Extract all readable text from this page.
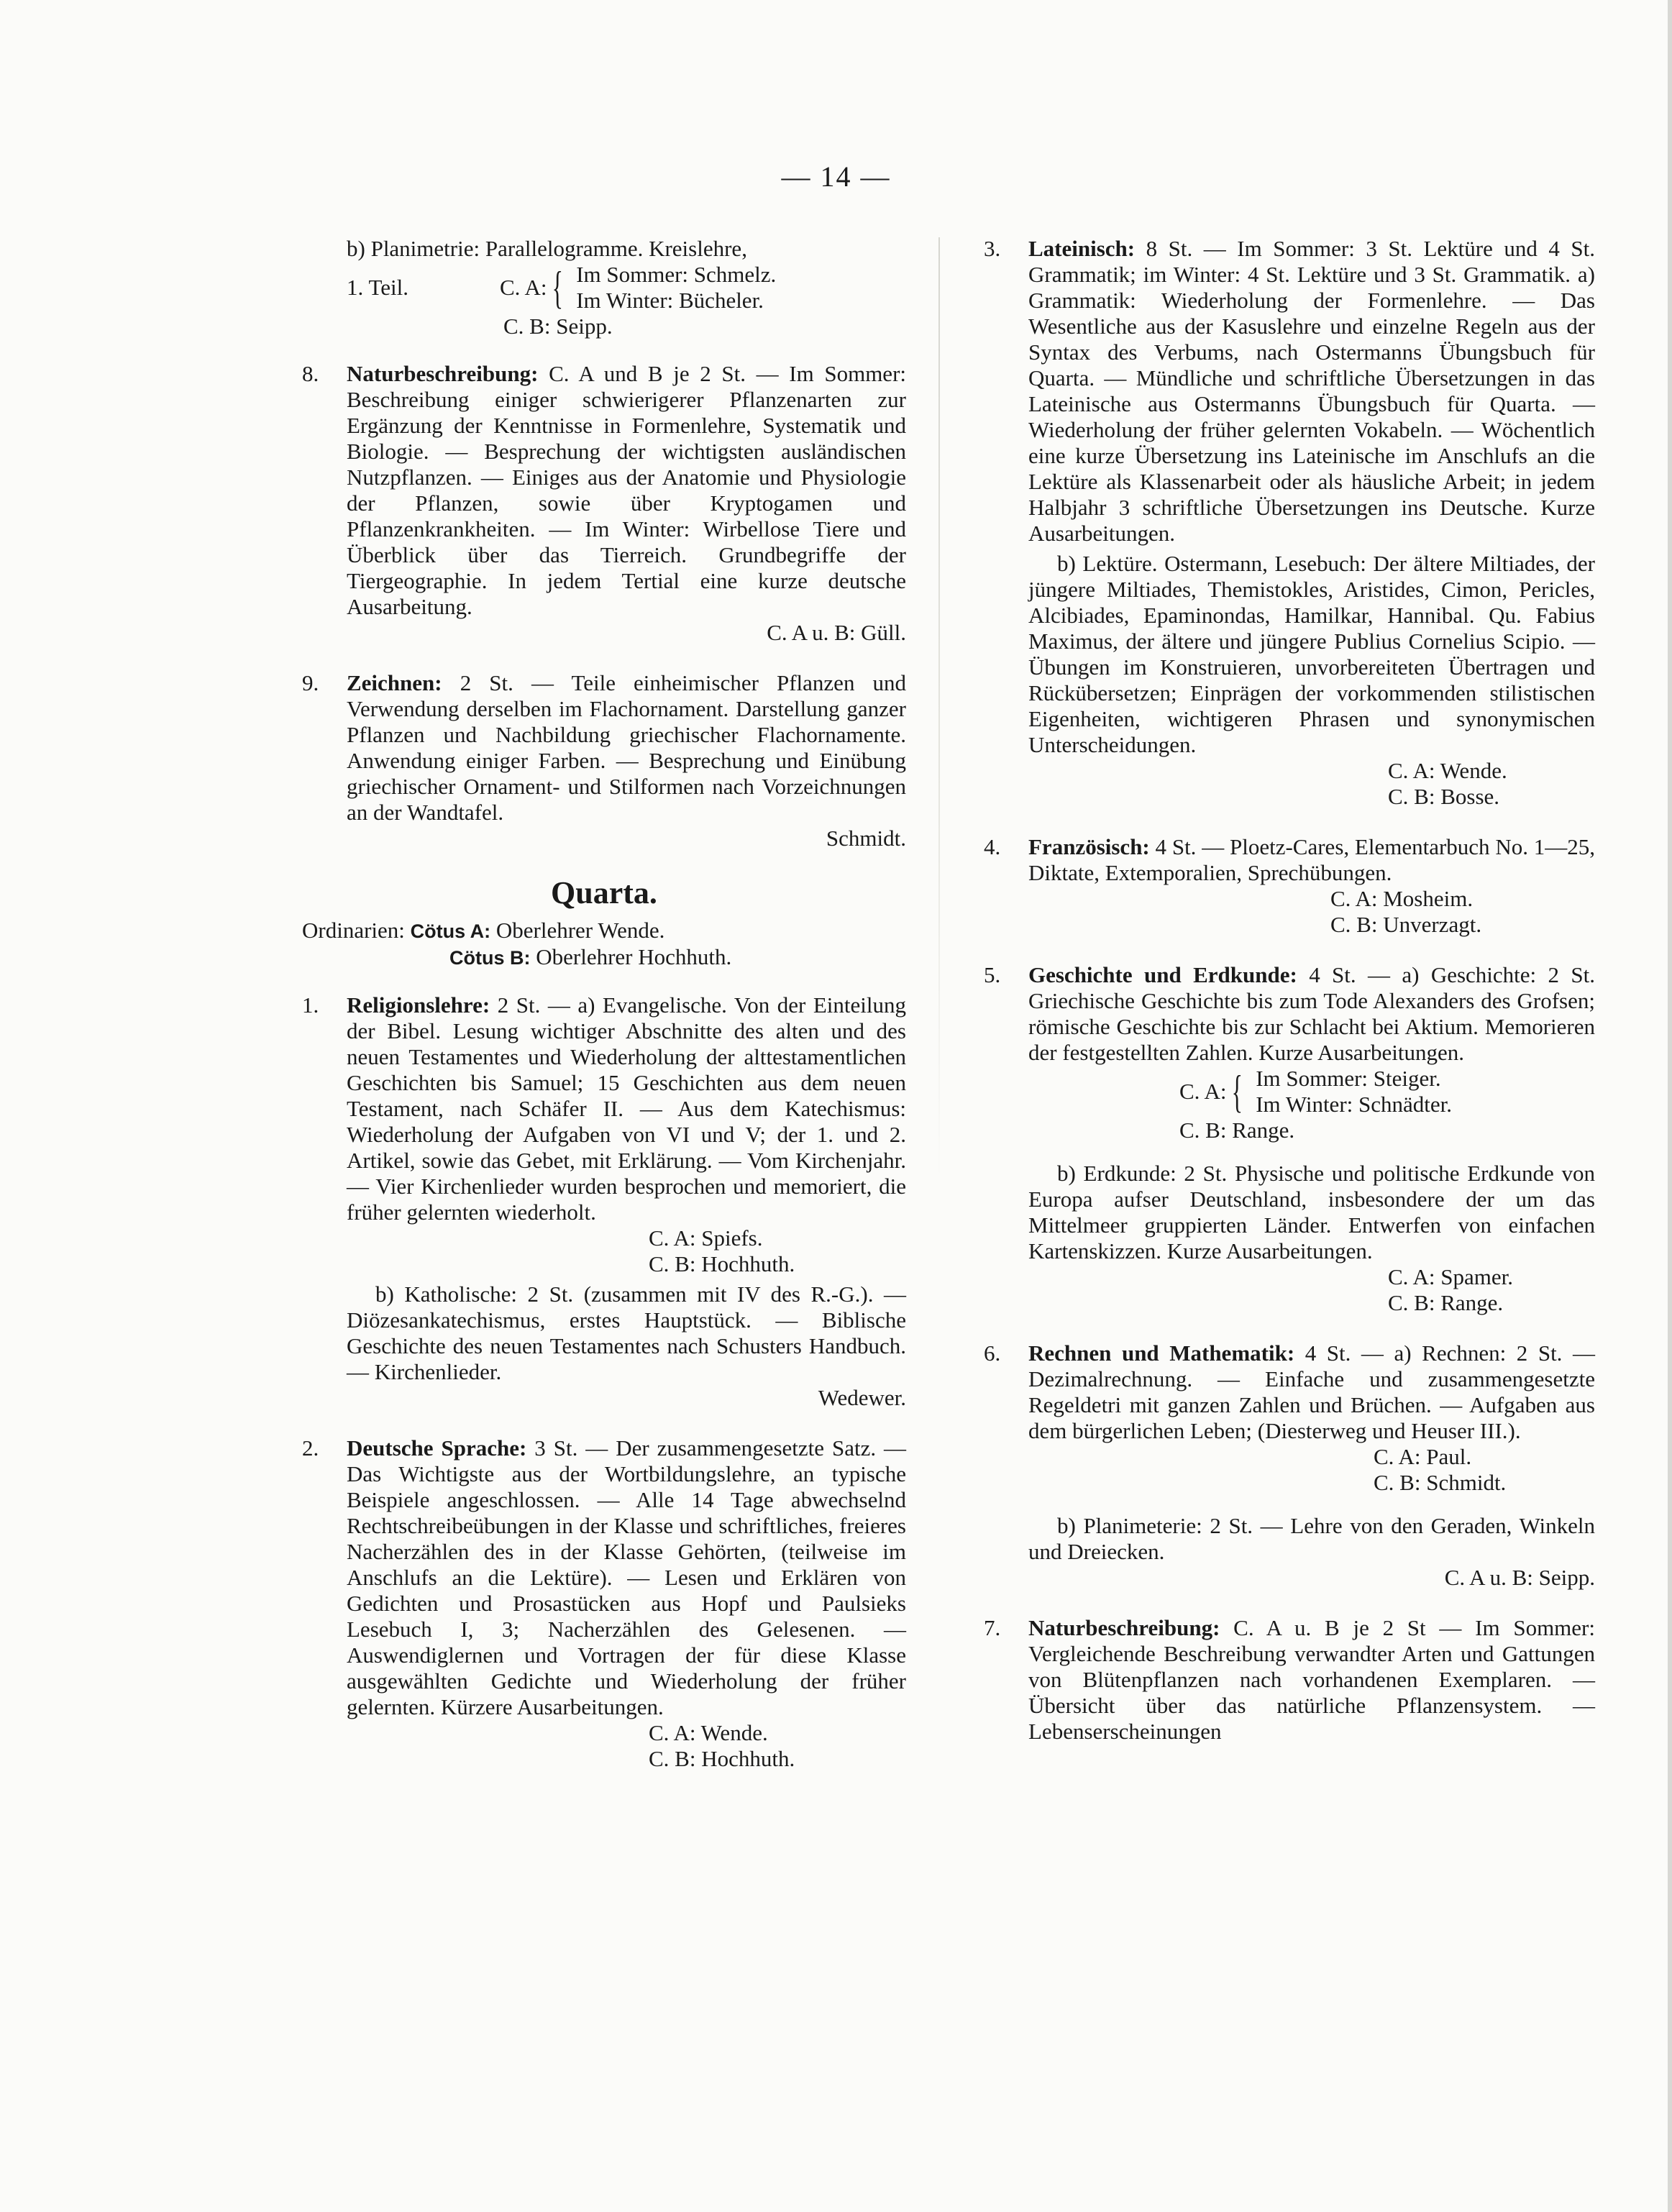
— 14 —
b) Planimetrie: Parallelogramme. Kreislehre,
1. Teil.	C. A: { Im Sommer: Schmelz.
Im Winter: Bücheler.
C. B: Seipp.
8. Naturbeschreibung: C. A und B je 2 St. — Im Sommer: Beschreibung einiger schwierigerer Pflanzenarten zur Ergänzung der Kenntnisse in Formenlehre, Systematik und Biologie. — Besprechung der wichtigsten ausländischen Nutzpflanzen. — Einiges aus der Anatomie und Physiologie der Pflanzen, sowie über Kryptogamen und Pflanzenkrankheiten. — Im Winter: Wirbellose Tiere und Überblick über das Tierreich. Grundbegriffe der Tiergeographie. In jedem Tertial eine kurze deutsche Ausarbeitung.
C. A u. B: Güll.
9. Zeichnen: 2 St. — Teile einheimischer Pflanzen und Verwendung derselben im Flachornament. Darstellung ganzer Pflanzen und Nachbildung griechischer Flachornamente. Anwendung einiger Farben. — Besprechung und Einübung griechischer Ornament- und Stilformen nach Vorzeichnungen an der Wandtafel.
Schmidt.
Quarta.
Ordinarien: Cötus A: Oberlehrer Wende.
Cötus B: Oberlehrer Hochhuth.
1. Religionslehre: 2 St. — a) Evangelische. Von der Einteilung der Bibel. Lesung wichtiger Abschnitte des alten und des neuen Testamentes und Wiederholung der alttestamentlichen Geschichten bis Samuel; 15 Geschichten aus dem neuen Testament, nach Schäfer II. — Aus dem Katechismus: Wiederholung der Aufgaben von VI und V; der 1. und 2. Artikel, sowie das Gebet, mit Erklärung. — Vom Kirchenjahr. — Vier Kirchenlieder wurden besprochen und memoriert, die früher gelernten wiederholt.
C. A: Spiefs.
C. B: Hochhuth.
b) Katholische: 2 St. (zusammen mit IV des R.-G.). — Diözesankatechismus, erstes Hauptstück. — Biblische Geschichte des neuen Testamentes nach Schusters Handbuch. — Kirchenlieder.
Wedewer.
2. Deutsche Sprache: 3 St. — Der zusammengesetzte Satz. — Das Wichtigste aus der Wortbildungslehre, an typische Beispiele angeschlossen. — Alle 14 Tage abwechselnd Rechtschreibeübungen in der Klasse und schriftliches, freieres Nacherzählen des in der Klasse Gehörten, (teilweise im Anschlufs an die Lektüre). — Lesen und Erklären von Gedichten und Prosastücken aus Hopf und Paulsieks Lesebuch I, 3; Nacherzählen des Gelesenen. — Auswendiglernen und Vortragen der für diese Klasse ausgewählten Gedichte und Wiederholung der früher gelernten. Kürzere Ausarbeitungen.
C. A: Wende.
C. B: Hochhuth.
3. Lateinisch: 8 St. — Im Sommer: 3 St. Lektüre und 4 St. Grammatik; im Winter: 4 St. Lektüre und 3 St. Grammatik. a) Grammatik: Wiederholung der Formenlehre. — Das Wesentliche aus der Kasuslehre und einzelne Regeln aus der Syntax des Verbums, nach Ostermanns Übungsbuch für Quarta. — Mündliche und schriftliche Übersetzungen in das Lateinische aus Ostermanns Übungsbuch für Quarta. — Wiederholung der früher gelernten Vokabeln. — Wöchentlich eine kurze Übersetzung ins Lateinische im Anschlufs an die Lektüre als Klassenarbeit oder als häusliche Arbeit; in jedem Halbjahr 3 schriftliche Übersetzungen ins Deutsche. Kurze Ausarbeitungen.
b) Lektüre. Ostermann, Lesebuch: Der ältere Miltiades, der jüngere Miltiades, Themistokles, Aristides, Cimon, Pericles, Alcibiades, Epaminondas, Hamilkar, Hannibal. Qu. Fabius Maximus, der ältere und jüngere Publius Cornelius Scipio. — Übungen im Konstruieren, unvorbereiteten Übertragen und Rückübersetzen; Einprägen der vorkommenden stilistischen Eigenheiten, wichtigeren Phrasen und synonymischen Unterscheidungen.
C. A: Wende.
C. B: Bosse.
4. Französisch: 4 St. — Ploetz-Cares, Elementarbuch No. 1—25, Diktate, Extemporalien, Sprechübungen.
C. A: Mosheim.
C. B: Unverzagt.
5. Geschichte und Erdkunde: 4 St. — a) Geschichte: 2 St. Griechische Geschichte bis zum Tode Alexanders des Grofsen; römische Geschichte bis zur Schlacht bei Aktium. Memorieren der festgestellten Zahlen. Kurze Ausarbeitungen.
C. A: { Im Sommer: Steiger.
Im Winter: Schnädter.
C. B: Range.
b) Erdkunde: 2 St. Physische und politische Erdkunde von Europa aufser Deutschland, insbesondere der um das Mittelmeer gruppierten Länder. Entwerfen von einfachen Kartenskizzen. Kurze Ausarbeitungen.
C. A: Spamer.
C. B: Range.
6. Rechnen und Mathematik: 4 St. — a) Rechnen: 2 St. — Dezimalrechnung. — Einfache und zusammengesetzte Regeldetri mit ganzen Zahlen und Brüchen. — Aufgaben aus dem bürgerlichen Leben; (Diesterweg und Heuser III.).
C. A: Paul.
C. B: Schmidt.
b) Planimeterie: 2 St. — Lehre von den Geraden, Winkeln und Dreiecken.
C. A u. B: Seipp.
7. Naturbeschreibung: C. A u. B je 2 St — Im Sommer: Vergleichende Beschreibung verwandter Arten und Gattungen von Blütenpflanzen nach vorhandenen Exemplaren. — Übersicht über das natürliche Pflanzensystem. — Lebenserscheinungen
